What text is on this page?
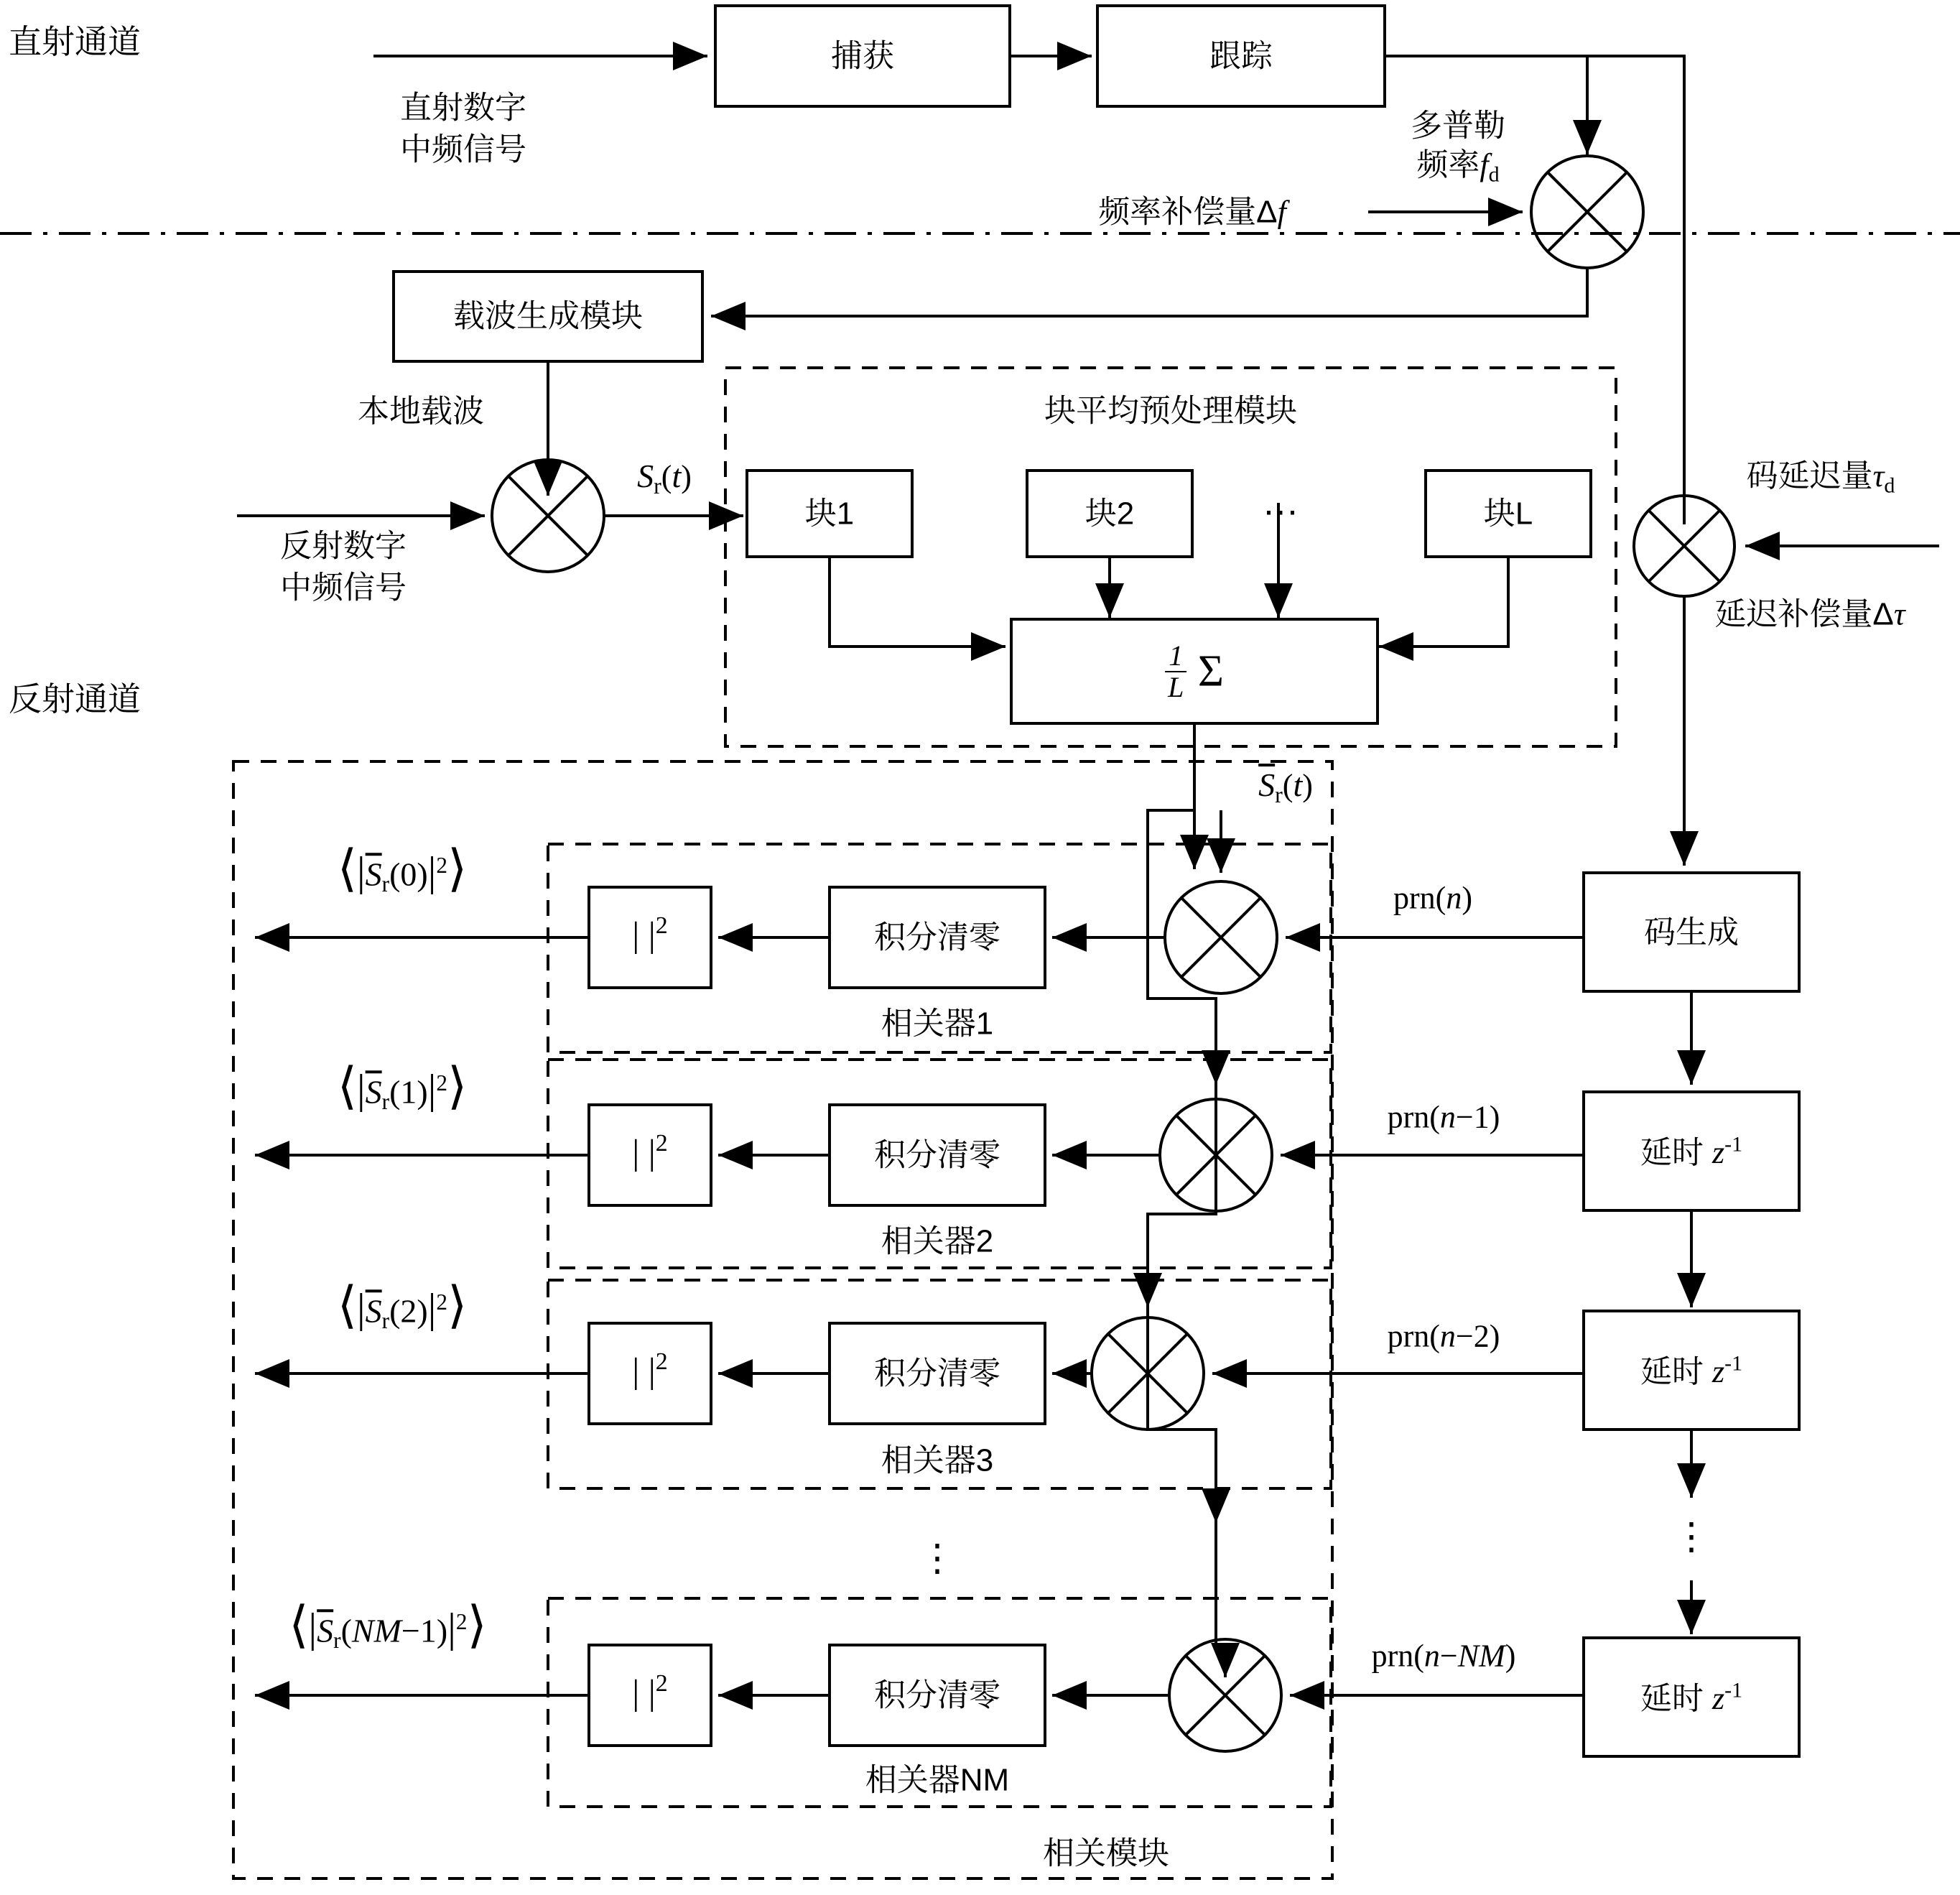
直射通道
反射通道
直射数字
中频信号
捕获	跟踪
多普勒
频率fd
频率补偿量Δf
载波生成模块
本地载波
反射数字
中频信号
Sr(t)
块平均预处理模块
块1	块2	块L
…
$\frac{1}{L}$ Σ
$\overline{S}r(t)$
码延迟量τd
延迟补偿量Δτ
码生成
延时 z-1
延时 z-1
延时 z-1
⋮
prn(n)
prn(n−1)
prn(n−2)
prn(n−NM)
积分清零
积分清零
积分清零
积分清零
| |2
| |2
| |2
| |2
相关器1
相关器2
相关器3
相关器NM
相关模块
⋮
$⟨|\overline{S}_r(0)|^2⟩$
$⟨|\overline{S}_r(1)|^2⟩$
$⟨|\overline{S}_r(2)|^2⟩$
$⟨|\overline{S}_r(NM-1)|^2⟩$
